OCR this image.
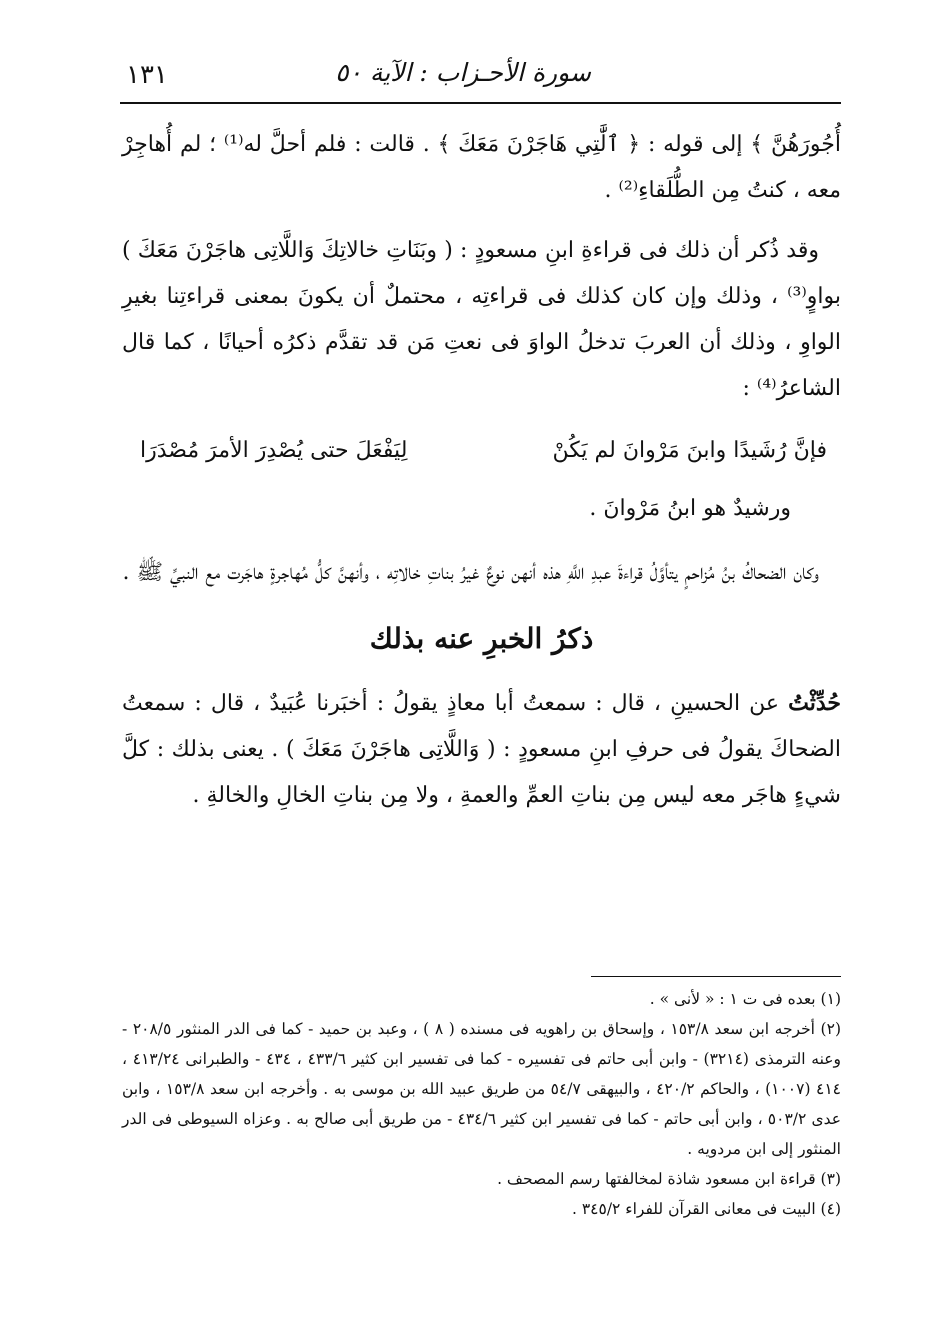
١٣١	سورة الأحـزاب : الآية ٥٠

أُجُورَهُنَّ ﴾ إلى قوله : ﴿ ٱلَّٰتِي هَاجَرْنَ مَعَكَ ﴾ . قالت : فلم أحلَّ له⁽¹⁾ ؛ لم أُهاجِرْ معه ، كنتُ مِن الطُّلَقاءِ⁽²⁾ .

وقد ذُكر أن ذلك فى قراءةِ ابنِ مسعودٍ : ( وبَنَاتِ خالاتِكَ وَاللَّاتِى هاجَرْنَ مَعَكَ ) بواوٍ⁽³⁾ ، وذلك وإن كان كذلك فى قراءتِه ، محتملٌ أن يكونَ بمعنى قراءتِنا بغيرِ الواوِ ، وذلك أن العربَ تدخلُ الواوَ فى نعتِ مَن قد تقدَّم ذكرُه أحيانًا ، كما قال الشاعرُ⁽⁴⁾ :

فإنَّ رُشَيدًا وابنَ مَرْوانَ لم يَكُنْ
لِيَفْعَلَ حتى يُصْدِرَ الأمرَ مُصْدَرَا

ورشيدٌ هو ابنُ مَرْوانَ .

وكان الضحاكُ بنُ مُزاحمٍ يتأوَّلُ قراءةَ عبدِ اللَّهِ هذه أنهن نوعٌ غيرُ بناتِ خالاتِه ، وأنهنَّ كلُّ مُهاجرةٍ هاجَرت مع النبيِّ ﷺ .

ذكرُ الخبرِ عنه بذلك

حُدِّثْتُ عن الحسينِ ، قال : سمعتُ أبا معاذٍ يقولُ : أخبَرنا عُبَيدٌ ، قال : سمعتُ الضحاكَ يقولُ فى حرفِ ابنِ مسعودٍ : ( وَاللَّاتِى هاجَرْنَ مَعَكَ ) . يعنى بذلك : كلَّ شيءٍ هاجَر معه ليس مِن بناتِ العمِّ والعمةِ ، ولا مِن بناتِ الخالِ والخالةِ .

(١) بعده فى ت ١ : « لأنى » .

(٢) أخرجه ابن سعد ١٥٣/٨ ، وإسحاق بن راهويه فى مسنده ( ٨ ) ، وعبد بن حميد - كما فى الدر المنثور ٢٠٨/٥ - وعنه الترمذى (٣٢١٤) - وابن أبى حاتم فى تفسيره - كما فى تفسير ابن كثير ٤٣٣/٦ ، ٤٣٤ - والطبرانى ٤١٣/٢٤ ، ٤١٤ (١٠٠٧) ، والحاكم ٤٢٠/٢ ، والبيهقى ٥٤/٧ من طريق عبيد الله بن موسى به . وأخرجه ابن سعد ١٥٣/٨ ، وابن عدى ٥٠٣/٢ ، وابن أبى حاتم - كما فى تفسير ابن كثير ٤٣٤/٦ - من طريق أبى صالح به . وعزاه السيوطى فى الدر المنثور إلى ابن مردويه .

(٣) قراءة ابن مسعود شاذة لمخالفتها رسم المصحف .

(٤) البيت فى معانى القرآن للفراء ٣٤٥/٢ .
